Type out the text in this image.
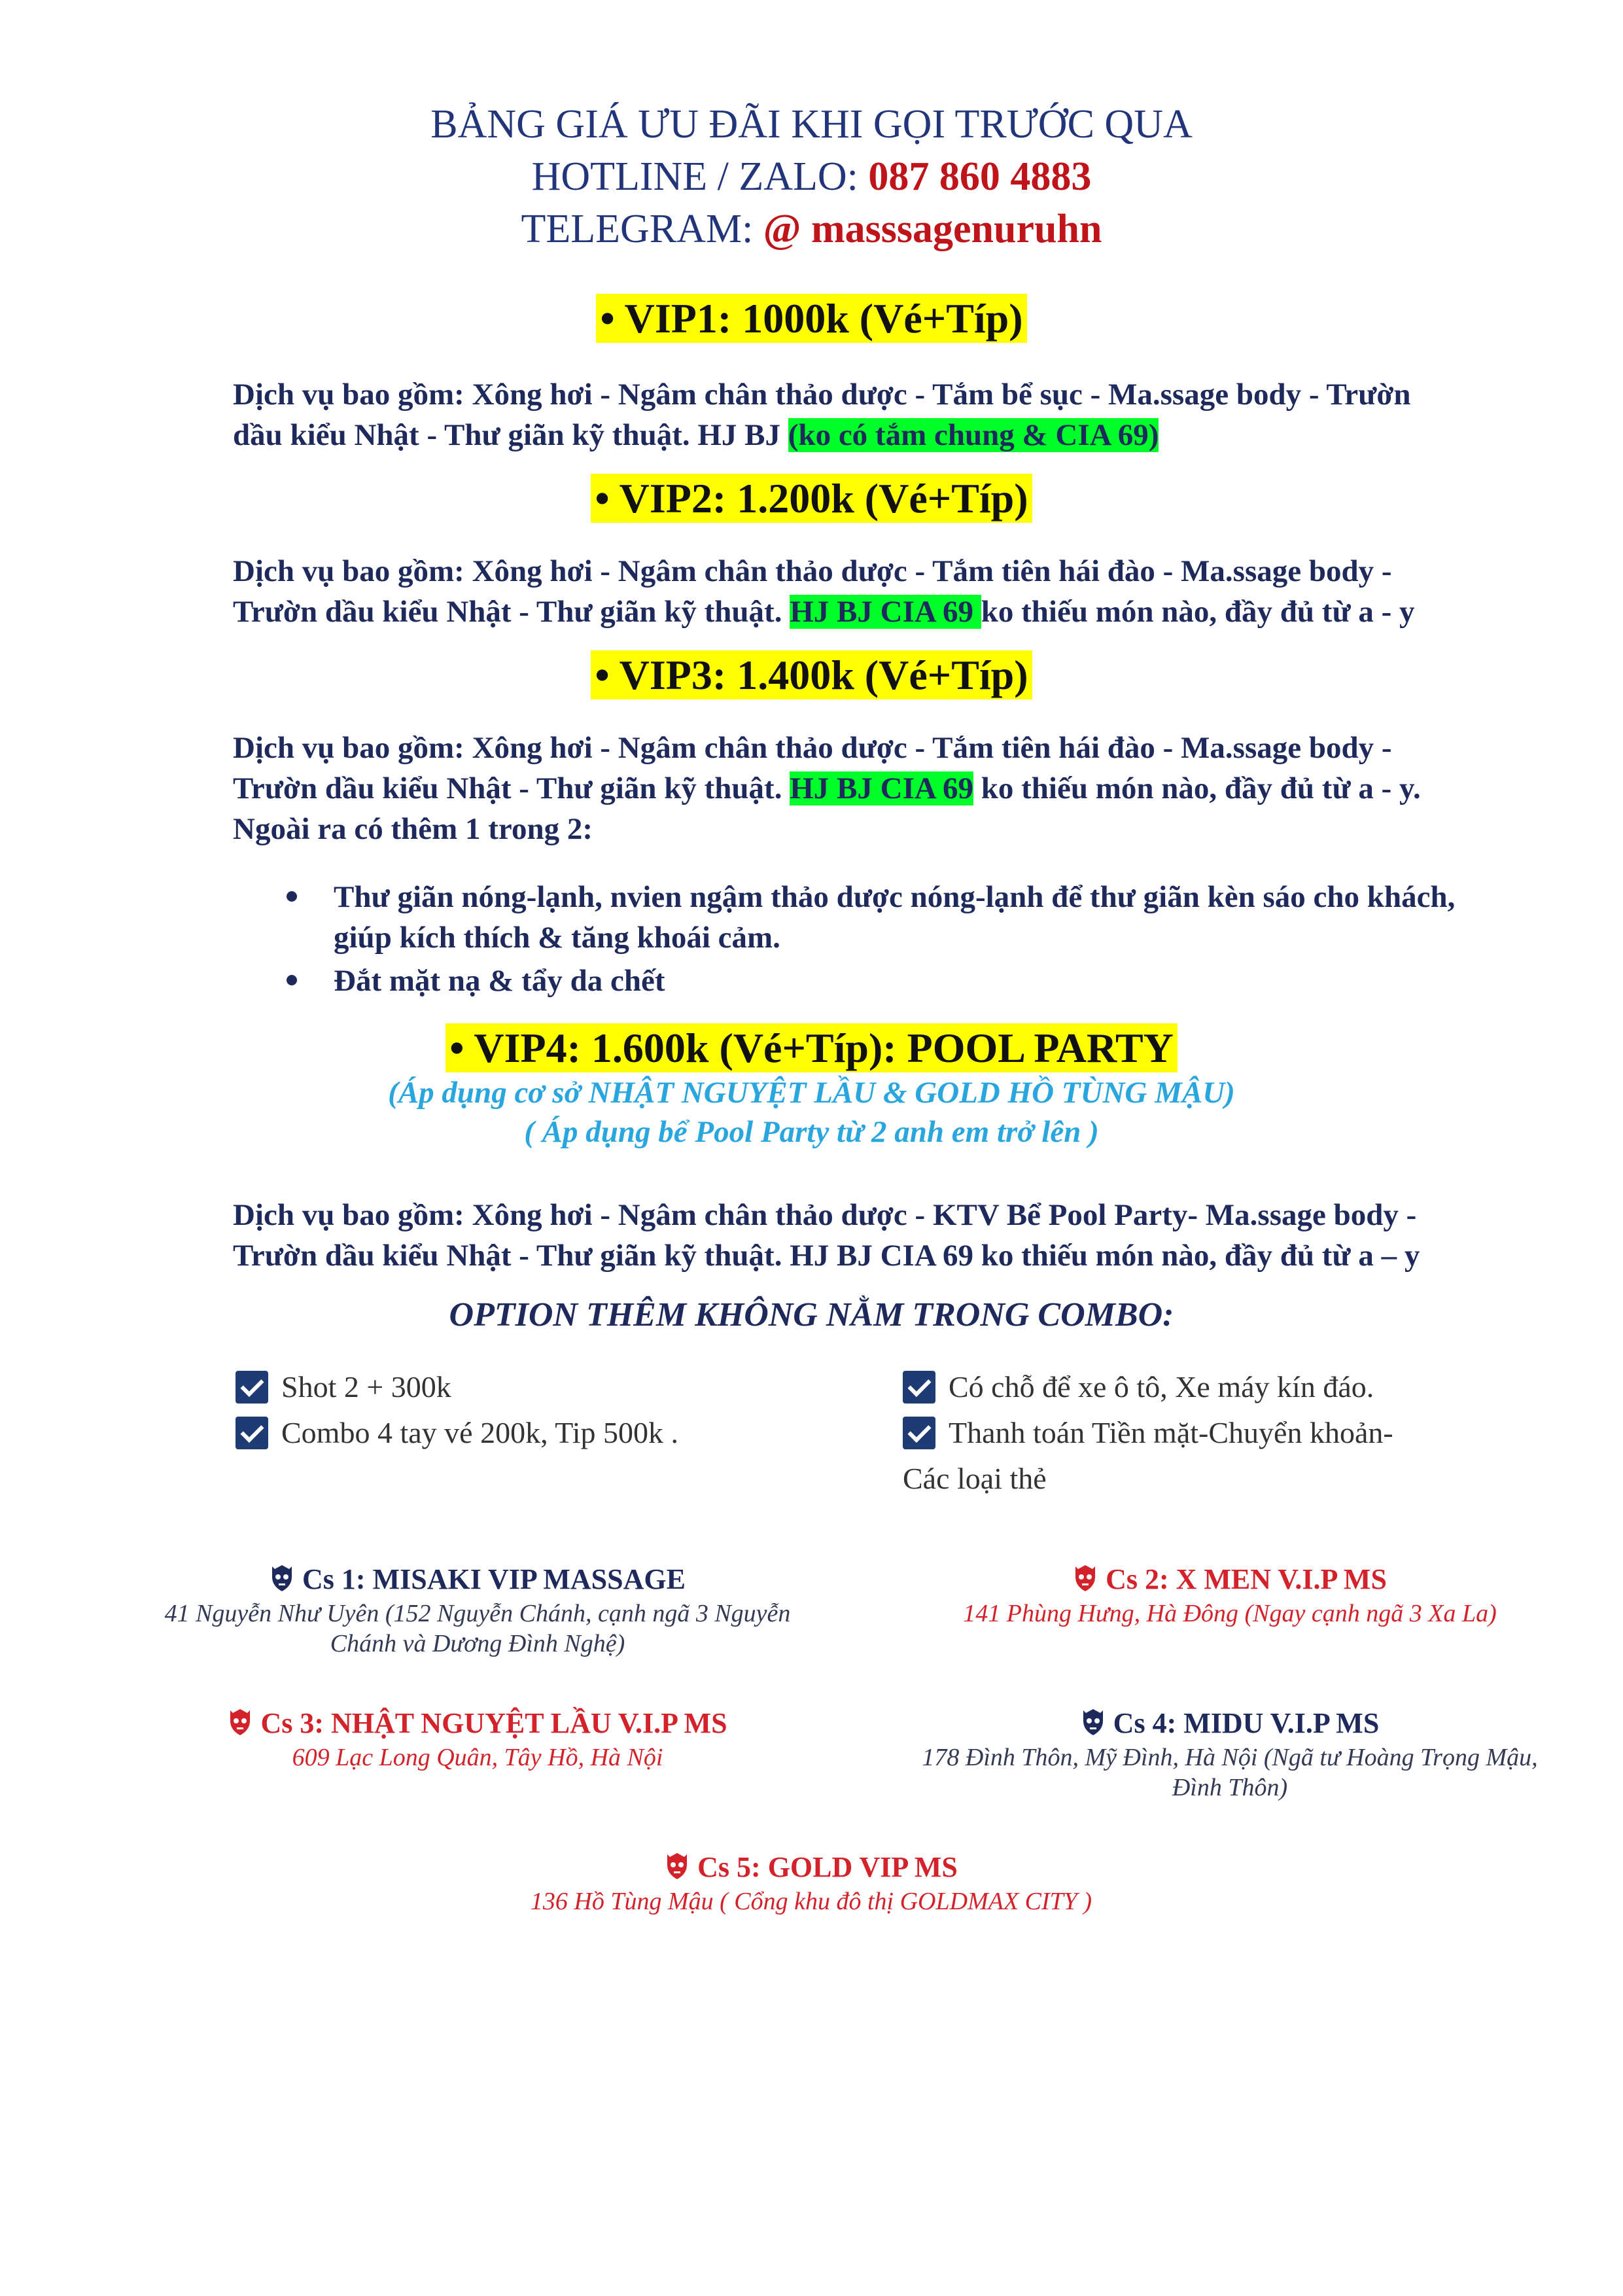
BẢNG GIÁ ƯU ĐÃI KHI GỌI TRƯỚC QUA
HOTLINE / ZALO: 087 860 4883
TELEGRAM: @ masssagenuruhn
• VIP1: 1000k (Vé+Típ)
Dịch vụ bao gồm: Xông hơi - Ngâm chân thảo dược - Tắm bể sục - Ma.ssage body - Trườn
dầu kiểu Nhật - Thư giãn kỹ thuật. HJ BJ (ko có tắm chung & CIA 69)
• VIP2: 1.200k (Vé+Típ)
Dịch vụ bao gồm: Xông hơi - Ngâm chân thảo dược - Tắm tiên hái đào - Ma.ssage body -
Trườn dầu kiểu Nhật - Thư giãn kỹ thuật. HJ BJ CIA 69 ko thiếu món nào, đầy đủ từ a - y
• VIP3: 1.400k (Vé+Típ)
Dịch vụ bao gồm: Xông hơi - Ngâm chân thảo dược - Tắm tiên hái đào - Ma.ssage body -
Trườn dầu kiểu Nhật - Thư giãn kỹ thuật. HJ BJ CIA 69 ko thiếu món nào, đầy đủ từ a - y.
Ngoài ra có thêm 1 trong 2:
Thư giãn nóng-lạnh, nvien ngậm thảo dược nóng-lạnh để thư giãn kèn sáo cho khách, giúp kích thích & tăng khoái cảm.
Đắt mặt nạ & tẩy da chết
• VIP4: 1.600k (Vé+Típ): POOL PARTY
(Áp dụng cơ sở NHẬT NGUYỆT LẦU & GOLD HỒ TÙNG MẬU)
( Áp dụng bể Pool Party từ 2 anh em trở lên )
Dịch vụ bao gồm: Xông hơi - Ngâm chân thảo dược - KTV Bể Pool Party- Ma.ssage body -
Trườn dầu kiểu Nhật - Thư giãn kỹ thuật. HJ BJ CIA 69 ko thiếu món nào, đầy đủ từ a – y
OPTION THÊM KHÔNG NẰM TRONG COMBO:
Shot 2 + 300k
Combo 4 tay vé 200k, Tip 500k .
Có chỗ để xe ô tô, Xe máy kín đáo.
Thanh toán Tiền mặt-Chuyển khoản-
Các loại thẻ
Cs 1: MISAKI VIP MASSAGE
41 Nguyễn Như Uyên (152 Nguyễn Chánh, cạnh ngã 3 Nguyễn
Chánh và Dương Đình Nghệ)
Cs 2: X MEN V.I.P MS
141 Phùng Hưng, Hà Đông (Ngay cạnh ngã 3 Xa La)
Cs 3: NHẬT NGUYỆT LẦU V.I.P MS
609 Lạc Long Quân, Tây Hồ, Hà Nội
Cs 4: MIDU V.I.P MS
178 Đình Thôn, Mỹ Đình, Hà Nội (Ngã tư Hoàng Trọng Mậu,
Đình Thôn)
Cs 5: GOLD VIP MS
136 Hồ Tùng Mậu ( Cổng khu đô thị GOLDMAX CITY )
